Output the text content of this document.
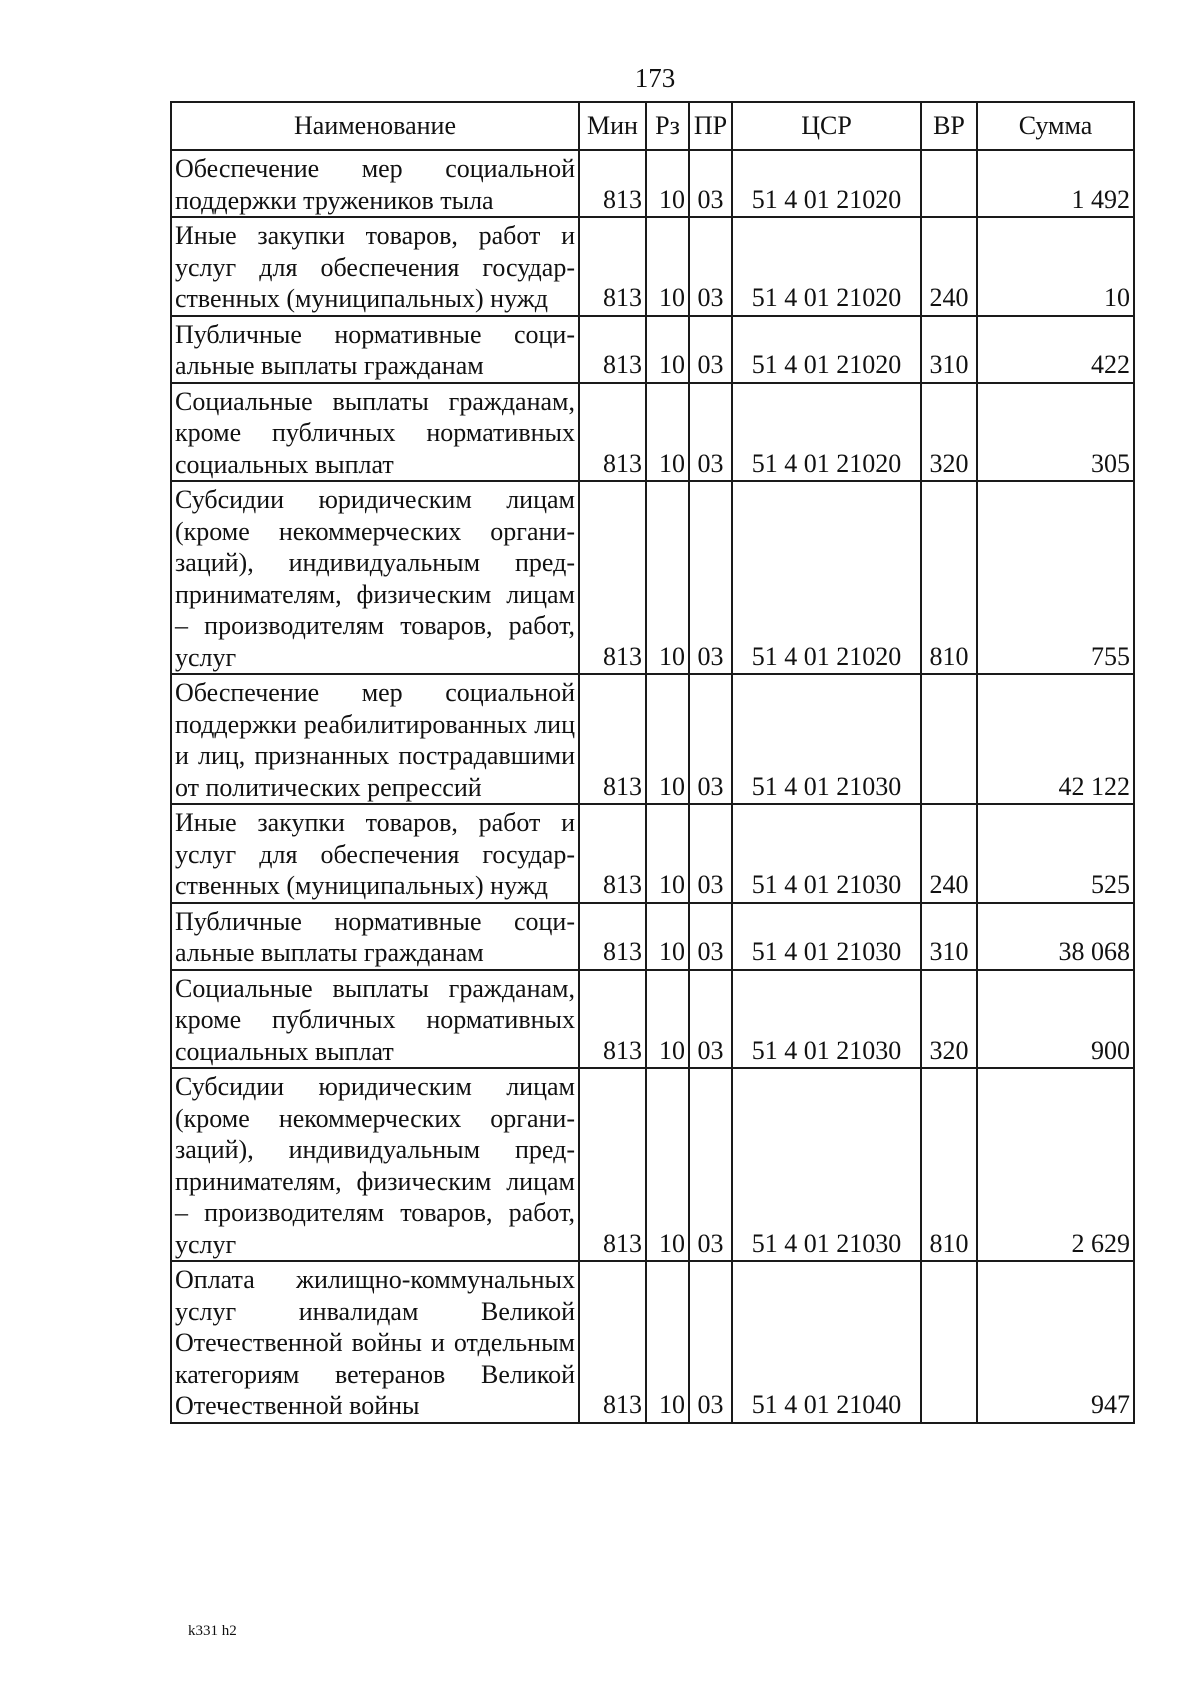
173
Наименование	Мин	Рз	ПР	ЦСР	ВР	Сумма
Обеспечение мер социальной поддержки тружеников тыла	813	10	03	51 4 01 21020		1 492
Иные закупки товаров, работ и услуг для обеспечения государственных (муниципальных) нужд	813	10	03	51 4 01 21020	240	10
Публичные нормативные социальные выплаты гражданам	813	10	03	51 4 01 21020	310	422
Социальные выплаты гражданам, кроме публичных нормативных социальных выплат	813	10	03	51 4 01 21020	320	305
Субсидии юридическим лицам (кроме некоммерческих организаций), индивидуальным предпринимателям, физическим лицам – производителям товаров, работ, услуг	813	10	03	51 4 01 21020	810	755
Обеспечение мер социальной поддержки реабилитированных лиц и лиц, признанных пострадавшими от политических репрессий	813	10	03	51 4 01 21030		42 122
Иные закупки товаров, работ и услуг для обеспечения государственных (муниципальных) нужд	813	10	03	51 4 01 21030	240	525
Публичные нормативные социальные выплаты гражданам	813	10	03	51 4 01 21030	310	38 068
Социальные выплаты гражданам, кроме публичных нормативных социальных выплат	813	10	03	51 4 01 21030	320	900
Субсидии юридическим лицам (кроме некоммерческих организаций), индивидуальным предпринимателям, физическим лицам – производителям товаров, работ, услуг	813	10	03	51 4 01 21030	810	2 629
Оплата жилищно-коммунальных услуг инвалидам Великой Отечественной войны и отдельным категориям ветеранов Великой Отечественной войны	813	10	03	51 4 01 21040		947
k331 h2
